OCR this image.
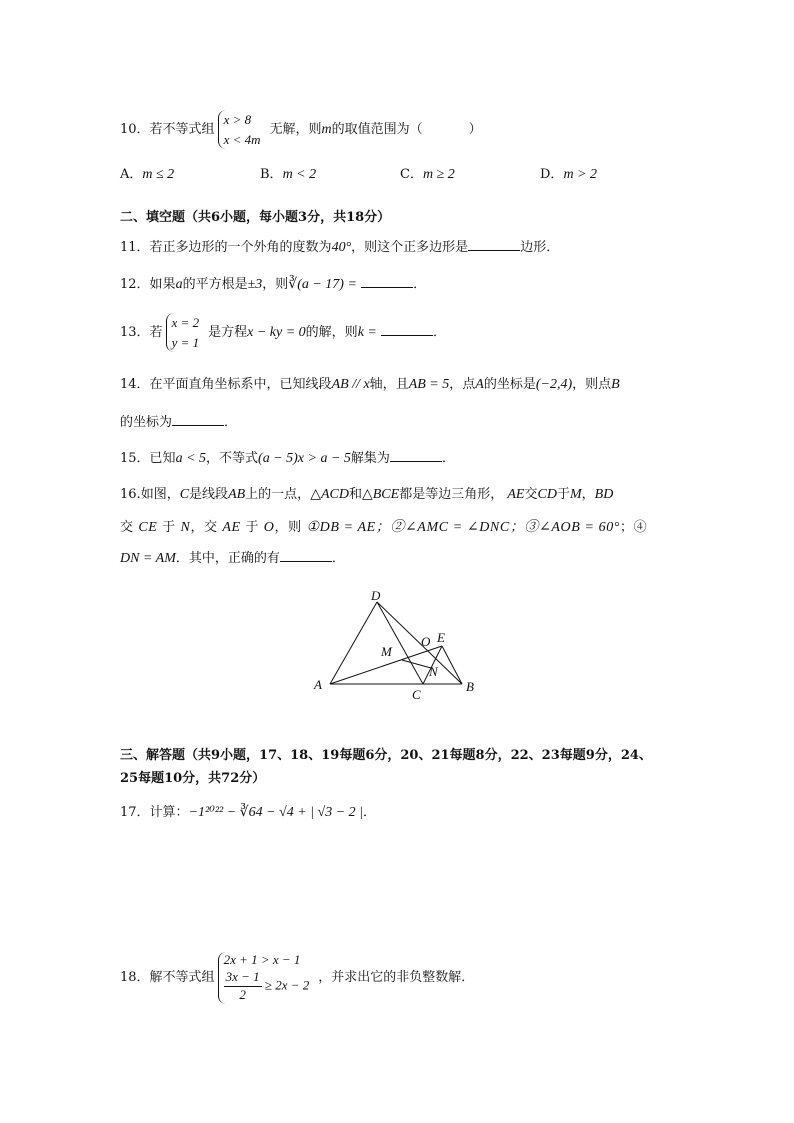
10．若不等式组
x > 8
x < 4m
无解，则m的取值范围为（	）
A．m ≤ 2	B．m < 2	C．m ≥ 2	D．m > 2
二、填空题（共6小题，每小题3分，共18分）
11．若正多边形的一个外角的度数为40°，则这个正多边形是	边形．
12．如果a的平方根是±3，则∛(a − 17) =	．
13．若
x = 2
y = 1
是方程x − ky = 0的解，则k =	．
14．在平面直角坐标系中，已知线段AB // x轴，且AB = 5，点A的坐标是(−2,4)，则点B
的坐标为	．
15．已知a < 5，不等式(a − 5)x > a − 5解集为	．
16.如图，C是线段AB上的一点，△ACD和△BCE都是等边三角形， AE交CD于M，BD
交 CE 于 N，交 AE 于 O，则 ①DB = AE；②∠AMC = ∠DNC；③∠AOB = 60°；④
DN = AM．其中，正确的有	．
A	B
C
D
E
M
N
O
三、解答题（共9小题，17、18、19每题6分，20、21每题8分，22、23每题9分，24、
25每题10分，共72分）
17．计算：−1²⁰²² − ∛64 − √4 + | √3 − 2 |．
18．解不等式组
2x + 1 > x − 1
$\frac{3x - 1}{2} \ge 2x - 2$ ，并求出它的非负整数解．
